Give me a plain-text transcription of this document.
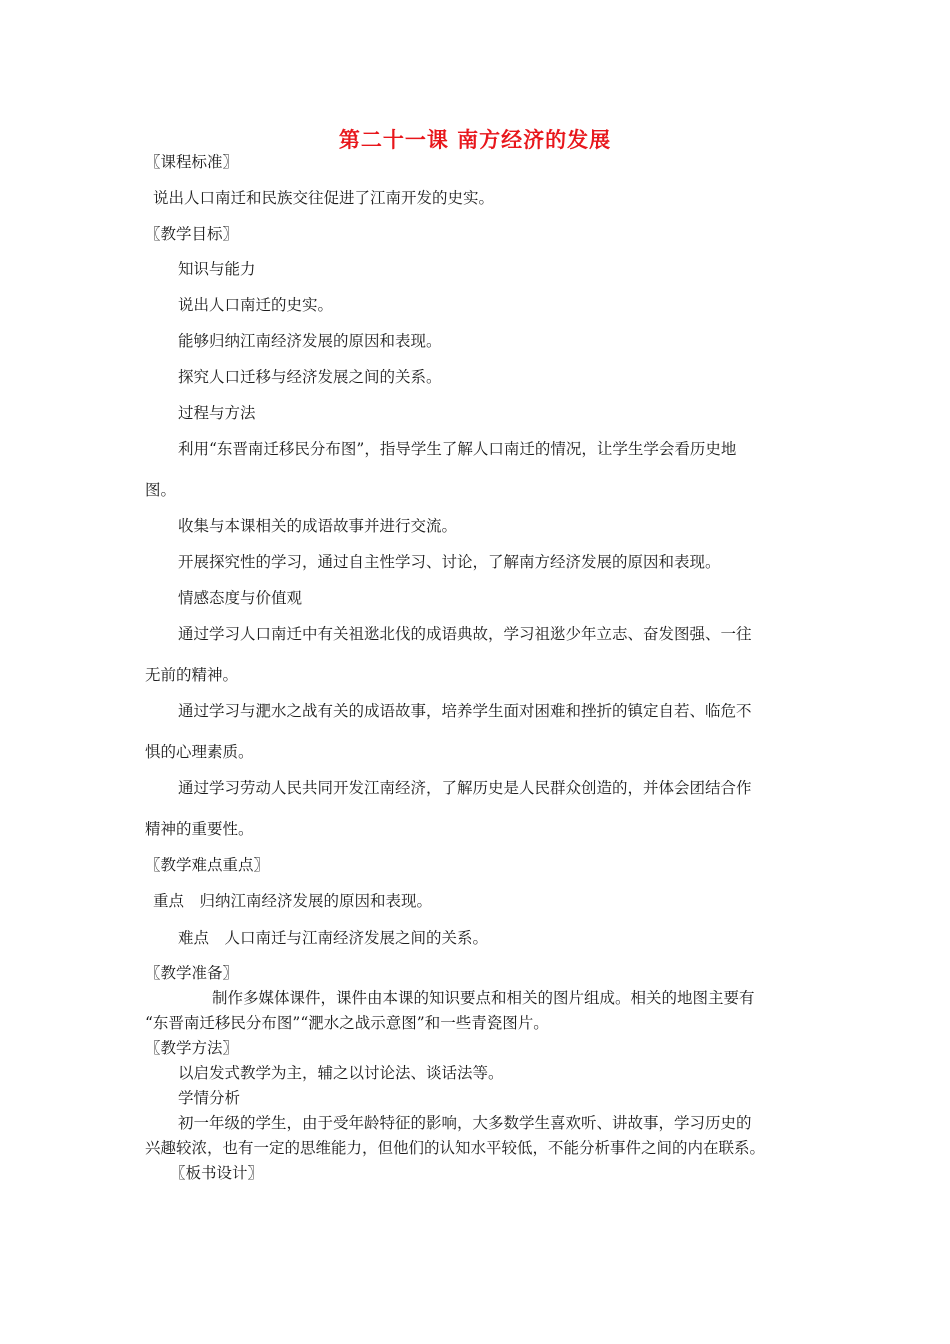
第二十一课 南方经济的发展
〖课程标准〗
说出人口南迁和民族交往促进了江南开发的史实。
〖教学目标〗
知识与能力
说出人口南迁的史实。
能够归纳江南经济发展的原因和表现。
探究人口迁移与经济发展之间的关系。
过程与方法
利用“东晋南迁移民分布图”，指导学生了解人口南迁的情况，让学生学会看历史地
图。
收集与本课相关的成语故事并进行交流。
开展探究性的学习，通过自主性学习、讨论，了解南方经济发展的原因和表现。
情感态度与价值观
通过学习人口南迁中有关祖逖北伐的成语典故，学习祖逖少年立志、奋发图强、一往
无前的精神。
通过学习与淝水之战有关的成语故事，培养学生面对困难和挫折的镇定自若、临危不
惧的心理素质。
通过学习劳动人民共同开发江南经济，了解历史是人民群众创造的，并体会团结合作
精神的重要性。
〖教学难点重点〗
重点　归纳江南经济发展的原因和表现。
难点　人口南迁与江南经济发展之间的关系。
〖教学准备〗
制作多媒体课件，课件由本课的知识要点和相关的图片组成。相关的地图主要有
“东晋南迁移民分布图”“淝水之战示意图”和一些青瓷图片。
〖教学方法〗
以启发式教学为主，辅之以讨论法、谈话法等。
学情分析
初一年级的学生，由于受年龄特征的影响，大多数学生喜欢听、讲故事，学习历史的
兴趣较浓，也有一定的思维能力，但他们的认知水平较低，不能分析事件之间的内在联系。
〖板书设计〗
